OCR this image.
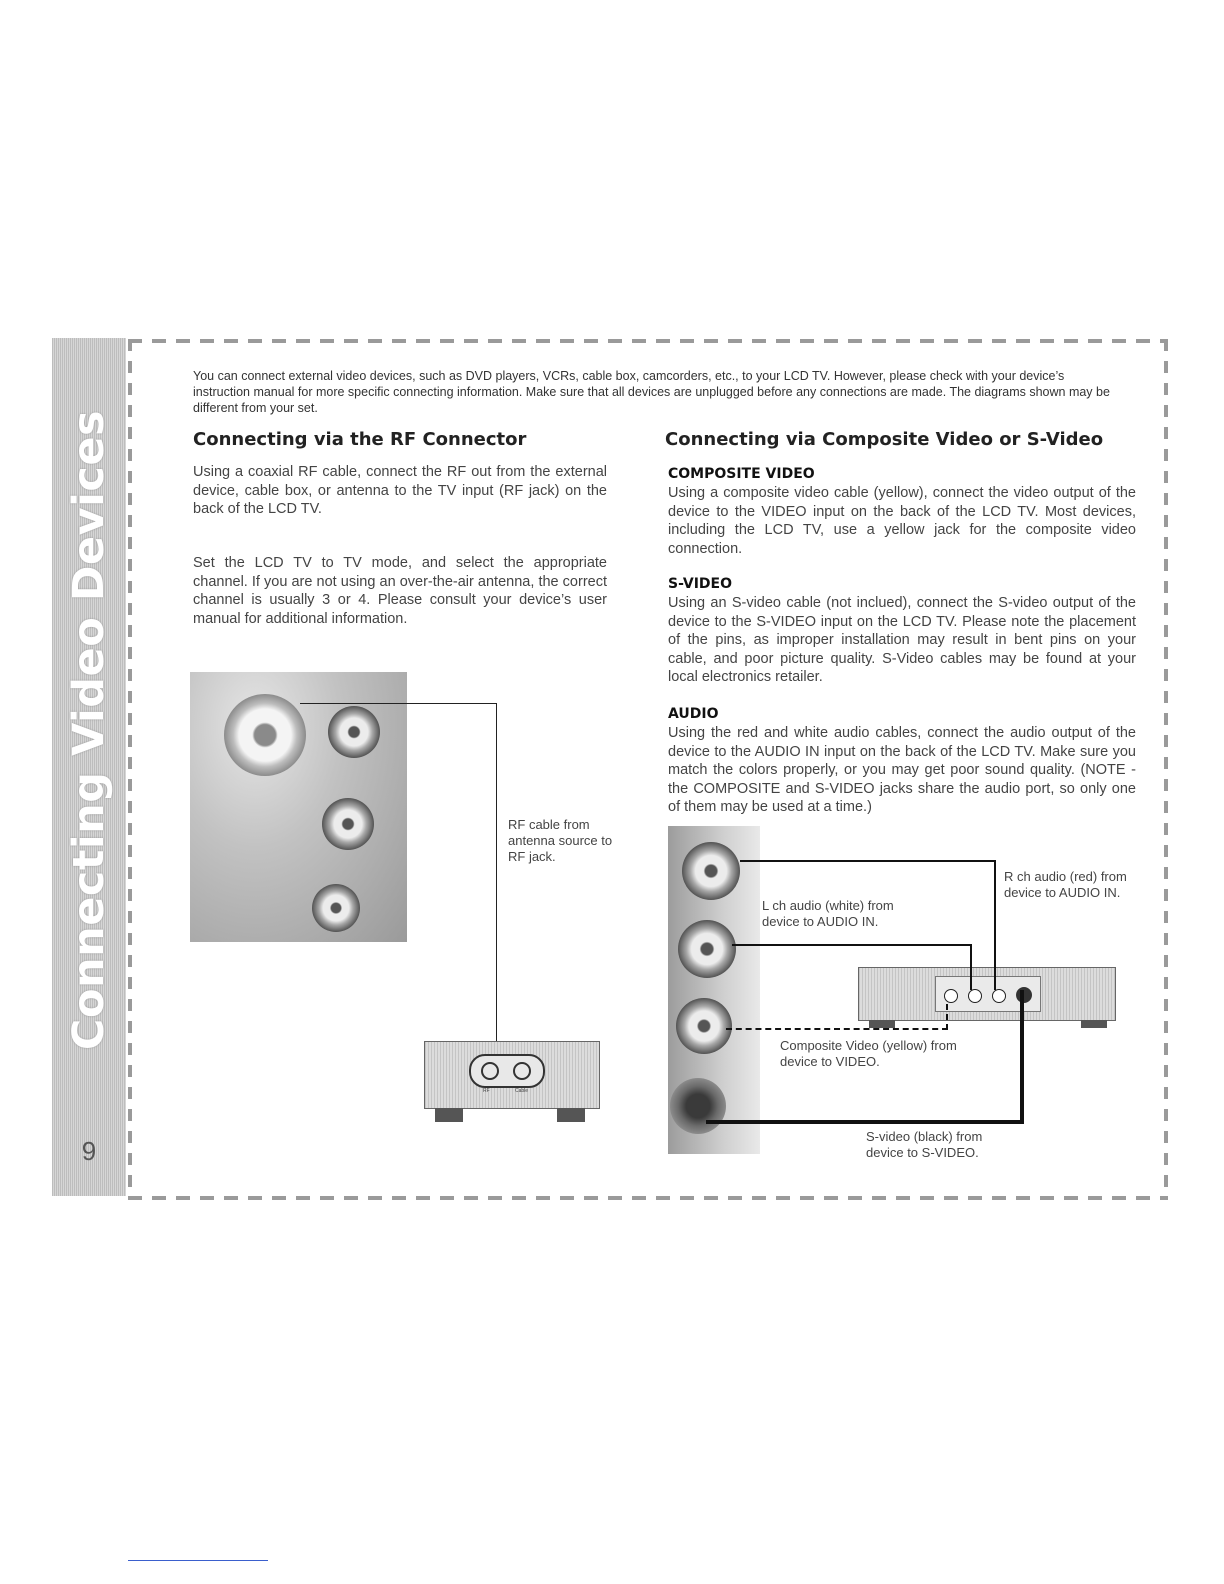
Connecting Video Devices
9
You can connect external video devices, such as DVD players, VCRs, cable box, camcorders, etc., to your LCD TV. However, please check with your device’s instruction manual for more specific connecting information. Make sure that all devices are unplugged before any connections are made. The diagrams shown may be different from your set.
Connecting via the RF Connector
Using a coaxial RF cable, connect the RF out from the external device, cable box, or antenna to the TV input (RF jack) on the back of the LCD TV.
Set the LCD TV to TV mode, and select the appropriate channel. If you are not using an over-the-air antenna, the correct channel is usually 3 or 4. Please consult your device’s user manual for additional information.
RF cable from antenna source to RF jack.
RF	Cable
Connecting via Composite Video or S-Video
COMPOSITE VIDEO
Using a composite video cable (yellow), connect the video output of the device to the VIDEO input on the back of the LCD TV. Most devices, including the LCD TV, use a yellow jack for the composite video connection.
S-VIDEO
Using an S-video cable (not inclued), connect the S-video output of the device to the S-VIDEO input on the LCD TV. Please note the placement of the pins, as improper installation may result in bent pins on your cable, and poor picture quality. S-Video cables may be found at your local electronics retailer.
AUDIO
Using the red and white audio cables, connect the audio output of the device to the AUDIO IN input on the back of the LCD TV. Make sure you match the colors properly, or you may get poor sound quality. (NOTE - the COMPOSITE and S-VIDEO jacks share the audio port, so only one of them may be used at a time.)
R ch audio (red) from device to AUDIO IN.
L ch audio (white) from device to AUDIO IN.
Composite Video (yellow) from device to VIDEO.
S-video (black) from device to S-VIDEO.
